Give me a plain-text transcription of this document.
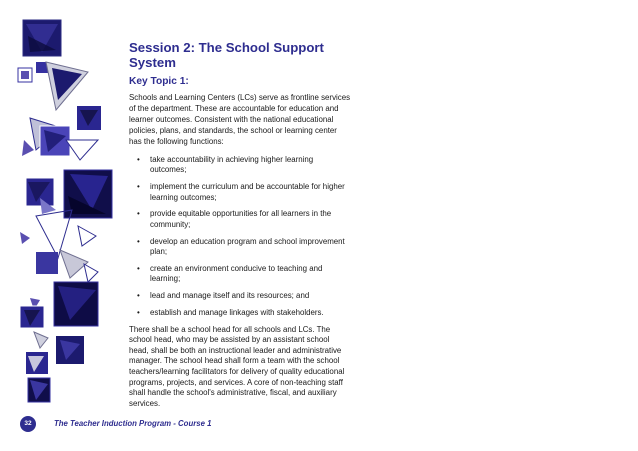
Session 2: The School Support System
Key Topic 1:

Schools and Learning Centers (LCs) serve as frontline services of the department. These are accountable for education and learner outcomes. Consistent with the national educational policies, plans, and standards, the school or learning center has the following functions:

• take accountability in achieving higher learning outcomes;
• implement the curriculum and be accountable for higher learning outcomes;
• provide equitable opportunities for all learners in the community;
• develop an education program and school improvement plan;
• create an environment conducive to teaching and learning;
• lead and manage itself and its resources; and
• establish and manage linkages with stakeholders.

There shall be a school head for all schools and LCs. The school head, who may be assisted by an assistant school head, shall be both an instructional leader and administrative manager. The school head shall form a team with the school teachers/learning facilitators for delivery of quality educational programs, projects, and services. A core of non-teaching staff shall handle the school's administrative, fiscal, and auxiliary services.

32	The Teacher Induction Program - Course 1
